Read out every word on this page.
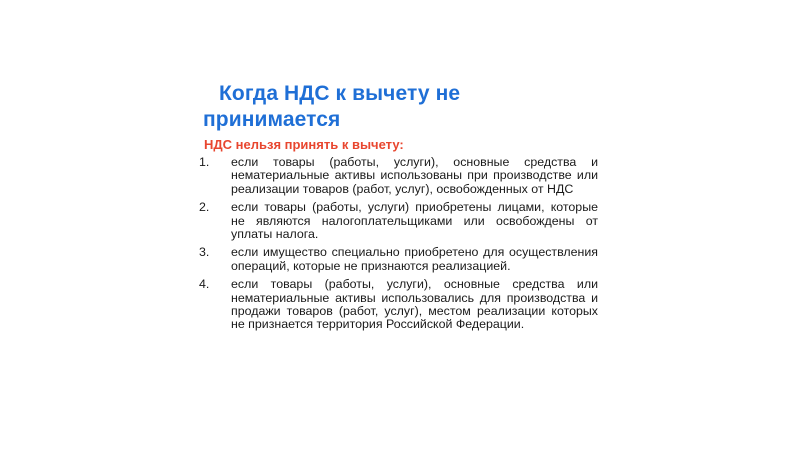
Когда НДС к вычету не принимается
НДС нельзя принять к вычету:
1.	если товары (работы, услуги), основные средства и нематериальные активы использованы при производстве или реализации товаров (работ, услуг), освобожденных от НДС
2.	если товары (работы, услуги) приобретены лицами, которые не являются налогоплательщиками или освобождены от уплаты налога.
3.	если имущество специально приобретено для осуществления операций, которые не признаются реализацией.
4.	если товары (работы, услуги), основные средства или нематериальные активы использовались для производства и продажи товаров (работ, услуг), местом реализации которых не признается территория Российской Федерации.
